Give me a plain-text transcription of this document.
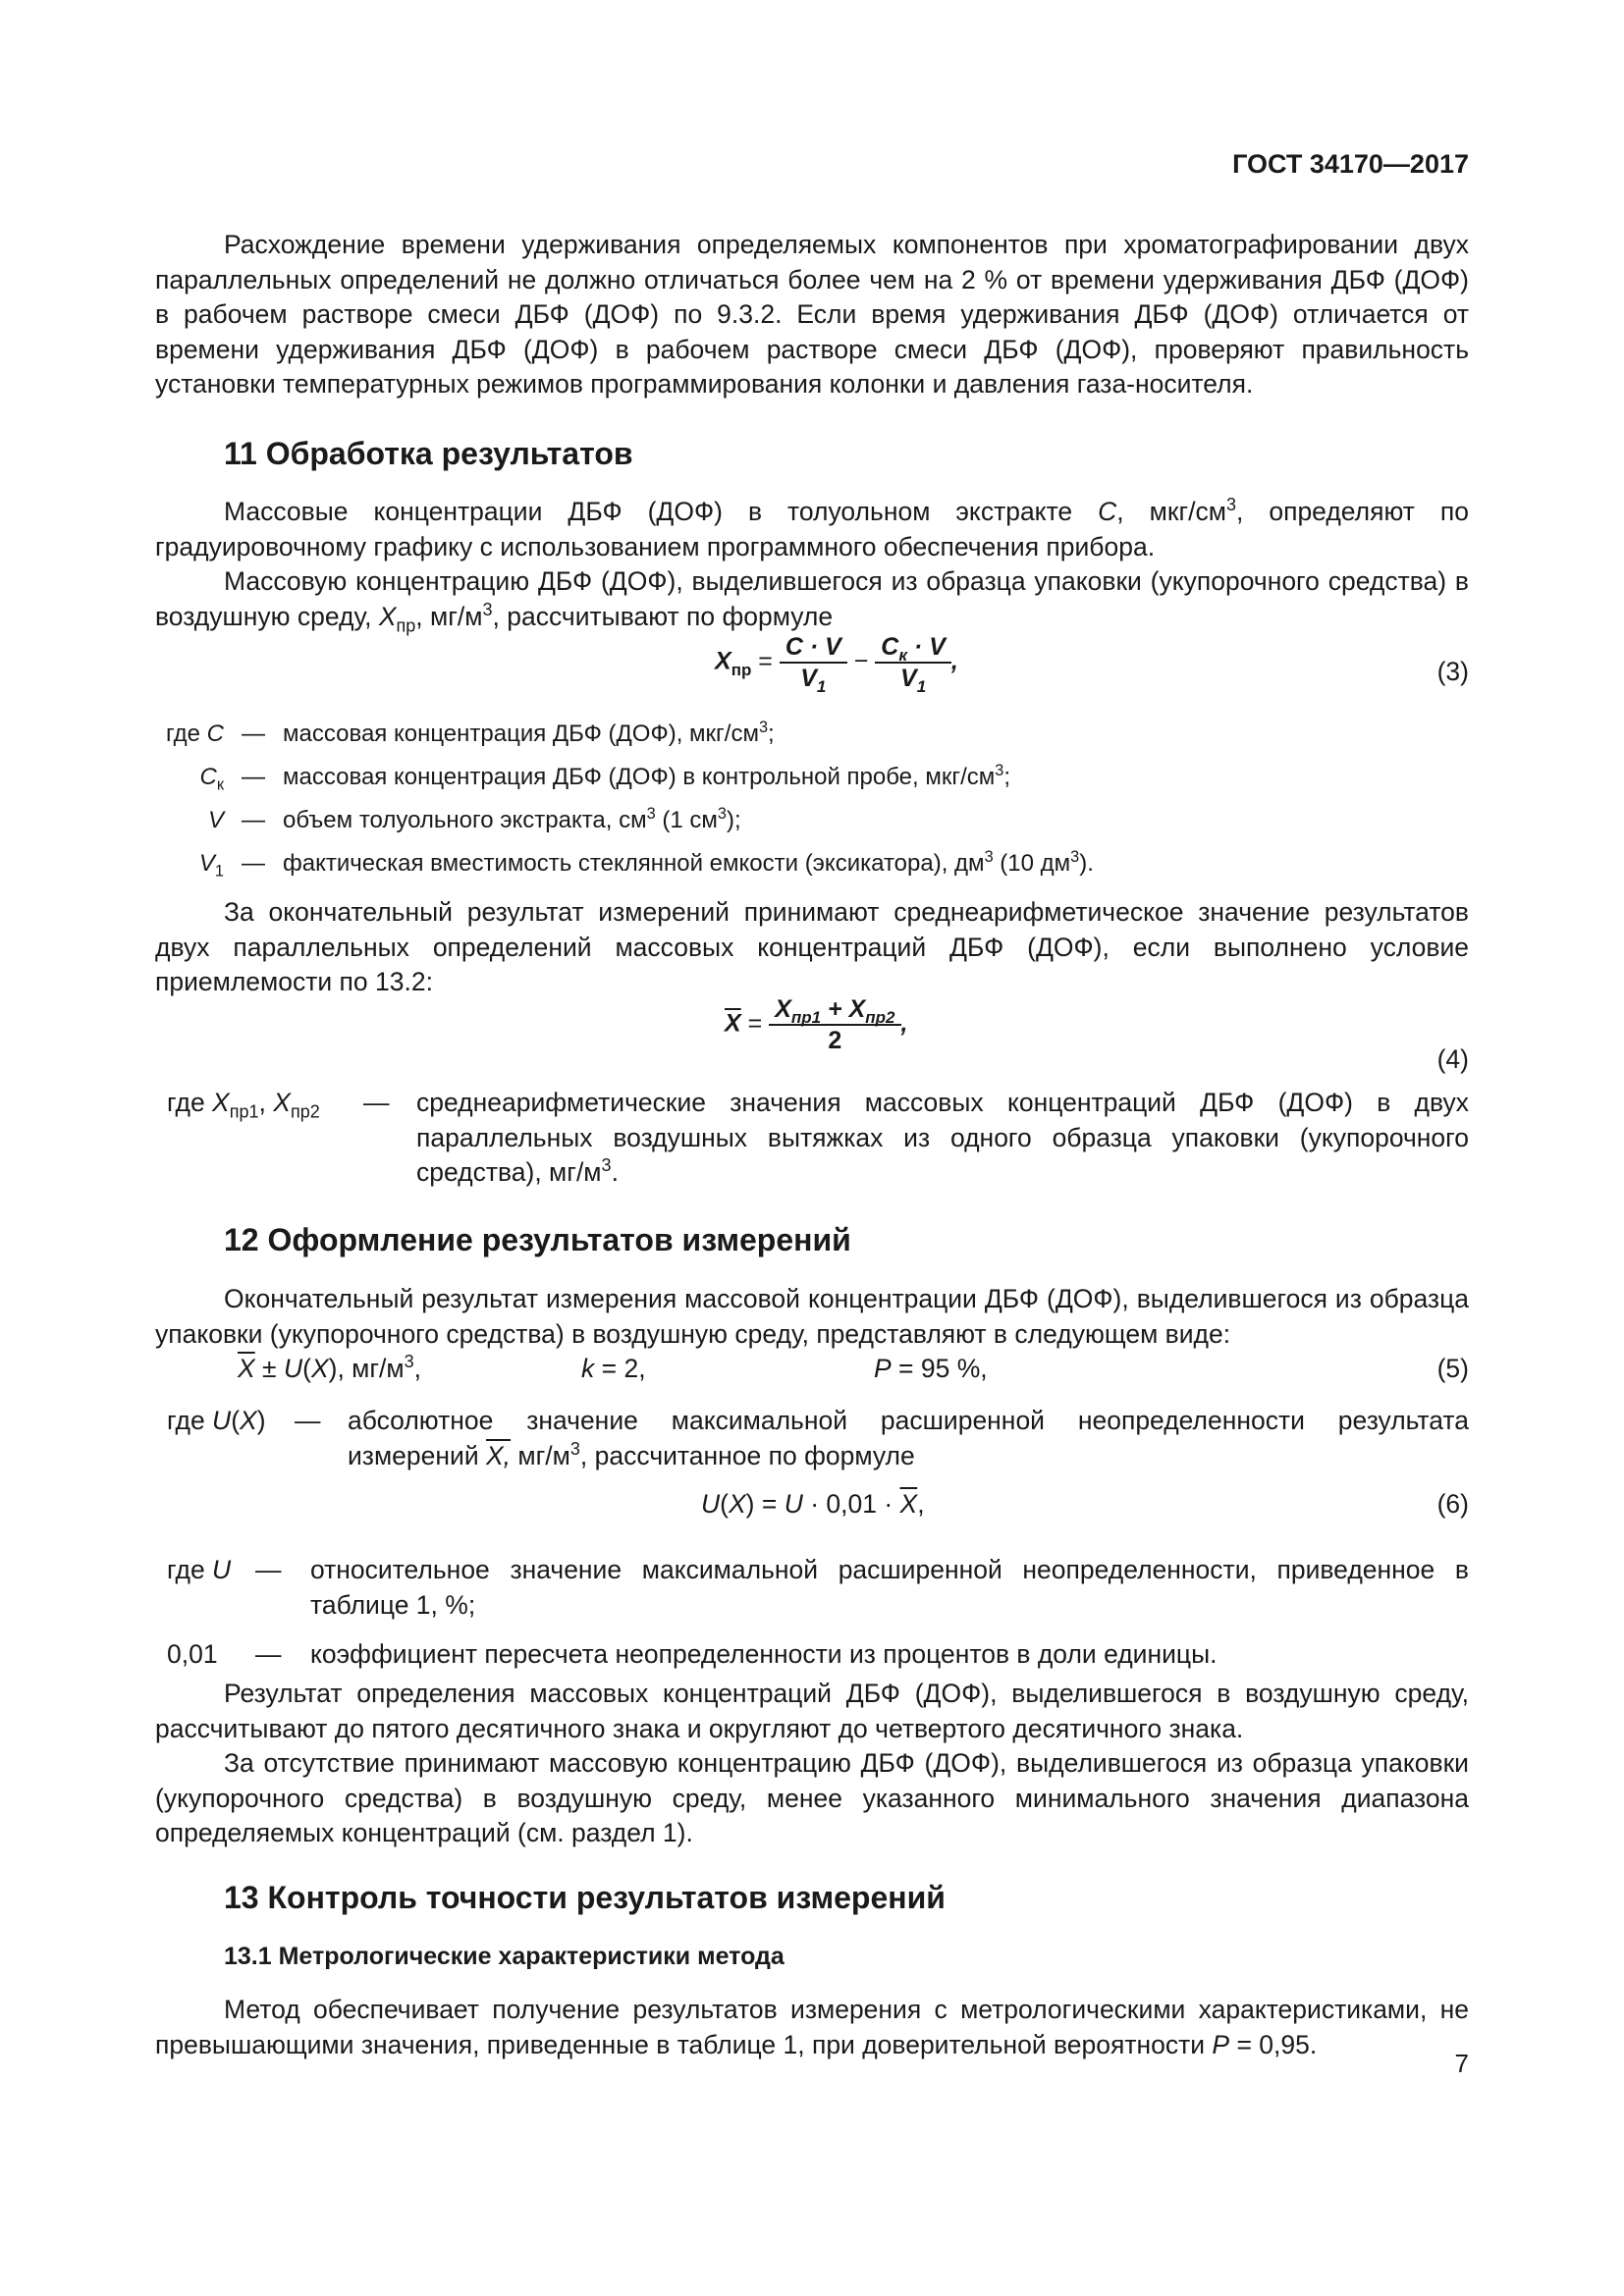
ГОСТ 34170—2017
Расхождение времени удерживания определяемых компонентов при хроматографировании двух параллельных определений не должно отличаться более чем на 2 % от времени удерживания ДБФ (ДОФ) в рабочем растворе смеси ДБФ (ДОФ) по 9.3.2. Если время удерживания ДБФ (ДОФ) отличается от времени удерживания ДБФ (ДОФ) в рабочем растворе смеси ДБФ (ДОФ), проверяют правильность установки температурных режимов программирования колонки и давления газа-носителя.
11 Обработка результатов
Массовые концентрации ДБФ (ДОФ) в толуольном экстракте С, мкг/$см^3$, определяют по градуировочному графику с использованием программного обеспечения прибора.
Массовую концентрацию ДБФ (ДОФ), выделившегося из образца упаковки (укупорочного средства) в воздушную среду, $X_{пр}$, $мг/м^3$, рассчитывают по формуле
$X_{пр} = \frac{C \cdot V}{V_1} - \frac{C_к \cdot V}{V_1}$ ,	(3)
где С — массовая концентрация ДБФ (ДОФ), мкг/$см^3$;
$C_к$ — массовая концентрация ДБФ (ДОФ) в контрольной пробе, мкг/$см^3$;
V — объем толуольного экстракта, $см^3$ (1 $см^3$);
$V_1$ — фактическая вместимость стеклянной емкости (эксикатора), $дм^3$ (10 $дм^3$).
За окончательный результат измерений принимают среднеарифметическое значение результатов двух параллельных определений массовых концентраций ДБФ (ДОФ), если выполнено условие приемлемости по 13.2:
$\overline{X} = \frac{X_{пр1} + X_{пр2}}{2}$ ,
(4)
где $X_{пр1}$, $X_{пр2}$ — среднеарифметические значения массовых концентраций ДБФ (ДОФ) в двух параллельных воздушных вытяжках из одного образца упаковки (укупорочного средства), $мг/м^3$.
12 Оформление результатов измерений
Окончательный результат измерения массовой концентрации ДБФ (ДОФ), выделившегося из образца упаковки (укупорочного средства) в воздушную среду, представляют в следующем виде:
$\overline{X} \pm U(X)$, $мг/м^3$,	k = 2,	P = 95 %,	(5)
где U(X) — абсолютное значение максимальной расширенной неопределенности результата измерений X, $мг/м^3$, рассчитанное по формуле
$U(X) = U \cdot 0,01 \cdot \overline{X}$,	(6)
где U — относительное значение максимальной расширенной неопределенности, приведенное в таблице 1, %;
0,01 — коэффициент пересчета неопределенности из процентов в доли единицы.
Результат определения массовых концентраций ДБФ (ДОФ), выделившегося в воздушную среду, рассчитывают до пятого десятичного знака и округляют до четвертого десятичного знака.
За отсутствие принимают массовую концентрацию ДБФ (ДОФ), выделившегося из образца упаковки (укупорочного средства) в воздушную среду, менее указанного минимального значения диапазона определяемых концентраций (см. раздел 1).
13 Контроль точности результатов измерений
13.1 Метрологические характеристики метода
Метод обеспечивает получение результатов измерения с метрологическими характеристиками, не превышающими значения, приведенные в таблице 1, при доверительной вероятности Р = 0,95.
7
